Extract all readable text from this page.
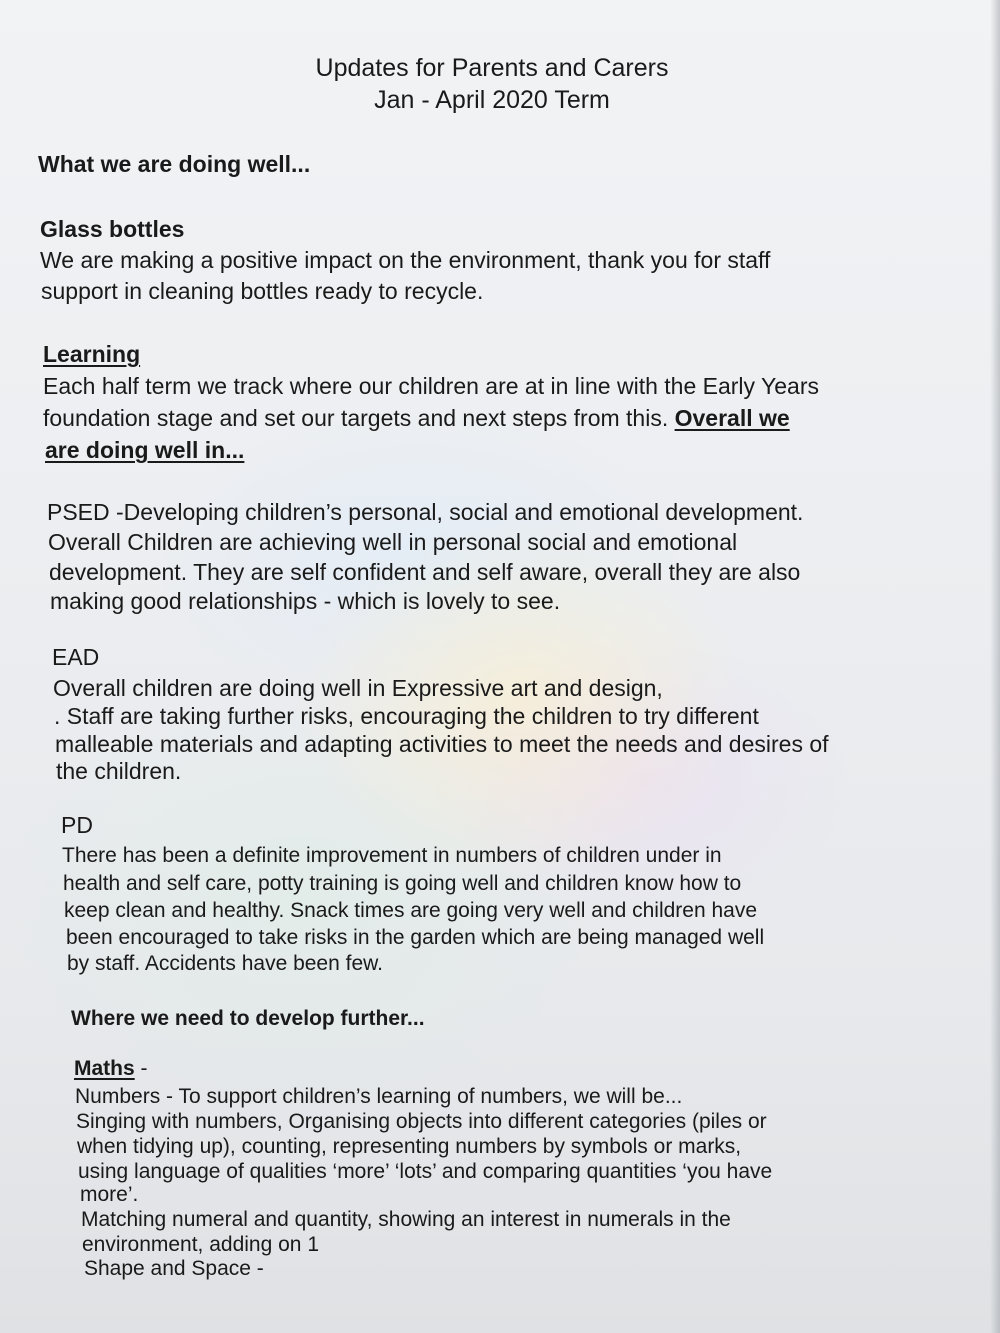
Updates for Parents and Carers
Jan - April 2020 Term
What we are doing well...
Glass bottles
We are making a positive impact on the environment, thank you for staff
support in cleaning bottles ready to recycle.
Learning
Each half term we track where our children are at in line with the Early Years
foundation stage and set our targets and next steps from this. Overall we
are doing well in...
PSED -Developing children’s personal, social and emotional development.
Overall Children are achieving well in personal social and emotional
development. They are self confident and self aware, overall they are also
making good relationships - which is lovely to see.
EAD
Overall children are doing well in Expressive art and design,
. Staff are taking further risks, encouraging the children to try different
malleable materials and adapting activities to meet the needs and desires of
the children.
PD
There has been a definite improvement in numbers of children under in
health and self care, potty training is going well and children know how to
keep clean and healthy. Snack times are going very well and children have
been encouraged to take risks in the garden which are being managed well
by staff. Accidents have been few.
Where we need to develop further...
Maths -
Numbers - To support children’s learning of numbers, we will be...
Singing with numbers, Organising objects into different categories (piles or
when tidying up), counting, representing numbers by symbols or marks,
using language of qualities ‘more’ ‘lots’ and comparing quantities ‘you have
more’.
Matching numeral and quantity, showing an interest in numerals in the
environment, adding on 1
Shape and Space -
